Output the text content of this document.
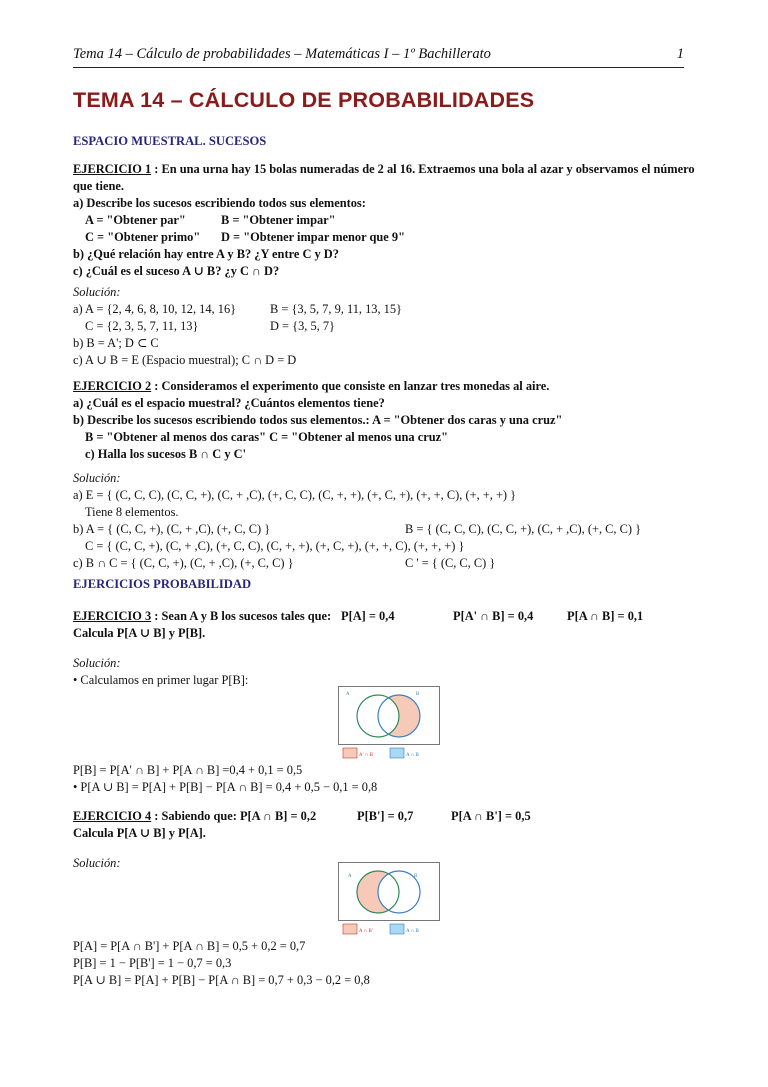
Tema 14 – Cálculo de probabilidades – Matemáticas I – 1º Bachillerato	1
TEMA 14 – CÁLCULO DE PROBABILIDADES
ESPACIO MUESTRAL. SUCESOS
EJERCICIO 1 : En una urna hay 15 bolas numeradas de 2 al 16. Extraemos una bola al azar y observamos el número que tiene.
a) Describe los sucesos escribiendo todos sus elementos:
A = "Obtener par"	B = "Obtener impar"
C = "Obtener primo" D = "Obtener impar menor que 9"
b) ¿Qué relación hay entre A y B? ¿Y entre C y D?
c) ¿Cuál es el suceso A ∪ B? ¿y C ∩ D?
Solución:
a) A = {2, 4, 6, 8, 10, 12, 14, 16}	B = {3, 5, 7, 9, 11, 13, 15}
C = {2, 3, 5, 7, 11, 13}	D = {3, 5, 7}
b) B = A'; D ⊂ C
c) A ∪ B = E (Espacio muestral); C ∩ D = D
EJERCICIO 2 : Consideramos el experimento que consiste en lanzar tres monedas al aire.
a) ¿Cuál es el espacio muestral? ¿Cuántos elementos tiene?
b) Describe los sucesos escribiendo todos sus elementos.: A = "Obtener dos caras y una cruz"
B = "Obtener al menos dos caras" C = "Obtener al menos una cruz"
c) Halla los sucesos B ∩ C y C'
Solución:
a) E = { (C, C, C), (C, C, +), (C, + ,C), (+, C, C), (C, +, +), (+, C, +), (+, +, C), (+, +, +) }
Tiene 8 elementos.
b) A = { (C, C, +), (C, + ,C), (+, C, C) }	B = { (C, C, C), (C, C, +), (C, + ,C), (+, C, C) }
C = { (C, C, +), (C, + ,C), (+, C, C), (C, +, +), (+, C, +), (+, +, C), (+, +, +) }
c) B ∩ C = { (C, C, +), (C, + ,C), (+, C, C) }	C ' = { (C, C, C) }
EJERCICIOS PROBABILIDAD
EJERCICIO 3 : Sean A y B los sucesos tales que: P[A] = 0,4	P[A' ∩ B] = 0,4	P[A ∩ B] = 0,1
Calcula P[A ∪ B] y P[B].
Solución:
• Calculamos en primer lugar P[B]:
A	B
A' ∩ B	A ∩ B
P[B] = P[A' ∩ B] + P[A ∩ B] =0,4 + 0,1 = 0,5
• P[A ∪ B] = P[A] + P[B] − P[A ∩ B] = 0,4 + 0,5 − 0,1 = 0,8
EJERCICIO 4 : Sabiendo que: P[A ∩ B] = 0,2	P[B'] = 0,7	P[A ∩ B'] = 0,5
Calcula P[A ∪ B] y P[A].
Solución:
A	B
A ∩ B'	A ∩ B
P[A] = P[A ∩ B'] + P[A ∩ B] = 0,5 + 0,2 = 0,7
P[B] = 1 − P[B'] = 1 − 0,7 = 0,3
P[A ∪ B] = P[A] + P[B] − P[A ∩ B] = 0,7 + 0,3 − 0,2 = 0,8
